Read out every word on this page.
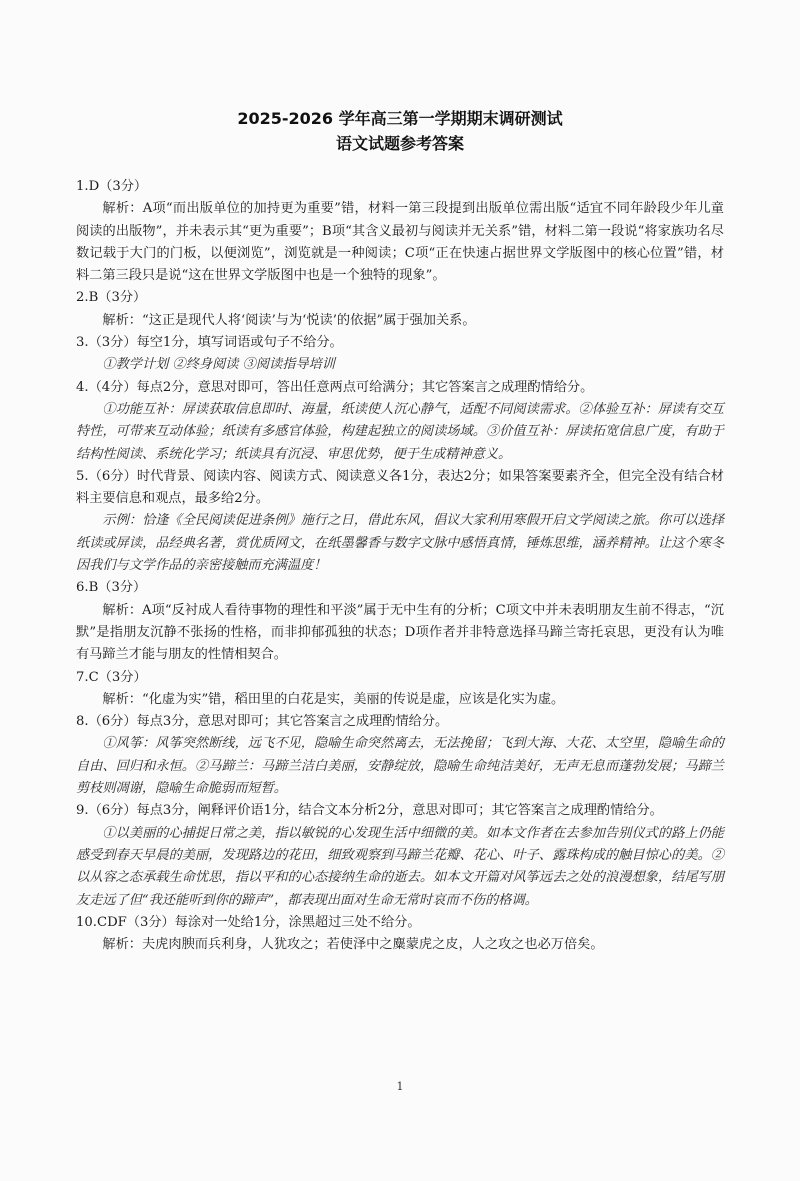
2025-2026 学年高三第一学期期末调研测试
语文试题参考答案

1.D（3分）

解析：A项“而出版单位的加持更为重要”错，材料一第三段提到出版单位需出版“适宜不同年龄段少年儿童阅读的出版物”，并未表示其“更为重要”；B项“其含义最初与阅读并无关系”错，材料二第一段说“将家族功名尽数记载于大门的门板，以便浏览”，浏览就是一种阅读；C项“正在快速占据世界文学版图中的核心位置”错，材料二第三段只是说“这在世界文学版图中也是一个独特的现象”。

2.B（3分）

解析：“这正是现代人将‘阅读’与为‘悦读’的依据”属于强加关系。

3.（3分）每空1分，填写词语或句子不给分。

①教学计划 ②终身阅读 ③阅读指导培训

4.（4分）每点2分，意思对即可，答出任意两点可给满分；其它答案言之成理酌情给分。

①功能互补：屏读获取信息即时、海量，纸读使人沉心静气，适配不同阅读需求。②体验互补：屏读有交互特性，可带来互动体验；纸读有多感官体验，构建起独立的阅读场域。③价值互补：屏读拓宽信息广度，有助于结构性阅读、系统化学习；纸读具有沉浸、审思优势，便于生成精神意义。

5.（6分）时代背景、阅读内容、阅读方式、阅读意义各1分，表达2分；如果答案要素齐全，但完全没有结合材料主要信息和观点，最多给2分。

示例：恰逢《全民阅读促进条例》施行之日，借此东风，倡议大家利用寒假开启文学阅读之旅。你可以选择纸读或屏读，品经典名著，赏优质网文，在纸墨馨香与数字文脉中感悟真情，锤炼思维，涵养精神。让这个寒冬因我们与文学作品的亲密接触而充满温度！

6.B（3分）

解析：A项“反衬成人看待事物的理性和平淡”属于无中生有的分析；C项文中并未表明朋友生前不得志，“沉默”是指朋友沉静不张扬的性格，而非抑郁孤独的状态；D项作者并非特意选择马蹄兰寄托哀思，更没有认为唯有马蹄兰才能与朋友的性情相契合。

7.C（3分）

解析：“化虚为实”错，稻田里的白花是实，美丽的传说是虚，应该是化实为虚。

8.（6分）每点3分，意思对即可；其它答案言之成理酌情给分。

①风筝：风筝突然断线，远飞不见，隐喻生命突然离去，无法挽留；飞到大海、大花、太空里，隐喻生命的自由、回归和永恒。②马蹄兰：马蹄兰洁白美丽，安静绽放，隐喻生命纯洁美好，无声无息而蓬勃发展；马蹄兰剪枝则凋谢，隐喻生命脆弱而短暂。

9.（6分）每点3分，阐释评价语1分，结合文本分析2分，意思对即可；其它答案言之成理酌情给分。

①以美丽的心捕捉日常之美，指以敏锐的心发现生活中细微的美。如本文作者在去参加告别仪式的路上仍能感受到春天早晨的美丽，发现路边的花田，细致观察到马蹄兰花瓣、花心、叶子、露珠构成的触目惊心的美。②以从容之态承载生命忧思，指以平和的心态接纳生命的逝去。如本文开篇对风筝远去之处的浪漫想象，结尾写朋友走远了但“我还能听到你的蹄声”，都表现出面对生命无常时哀而不伤的格调。

10.CDF（3分）每涂对一处给1分，涂黑超过三处不给分。

解析：夫虎肉腴而兵利身，人犹攻之；若使泽中之麋蒙虎之皮，人之攻之也必万倍矣。

1
